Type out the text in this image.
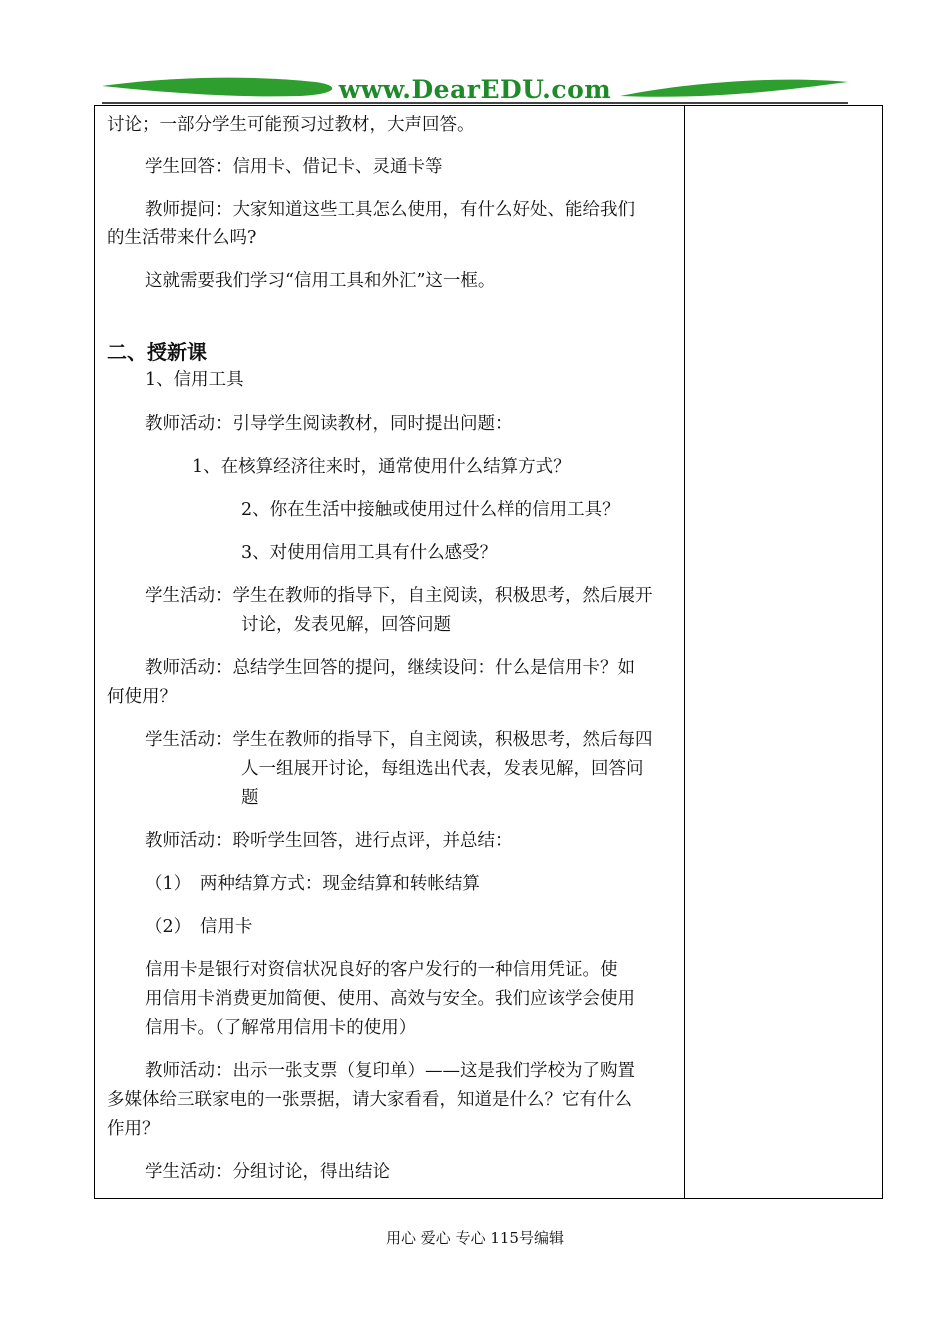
www.DearEDU.com
讨论；一部分学生可能预习过教材，大声回答。
学生回答：信用卡、借记卡、灵通卡等
教师提问：大家知道这些工具怎么使用，有什么好处、能给我们
的生活带来什么吗?
这就需要我们学习“信用工具和外汇”这一框。
二、授新课
1、信用工具
教师活动：引导学生阅读教材，同时提出问题：
1、在核算经济往来时，通常使用什么结算方式？
2、你在生活中接触或使用过什么样的信用工具？
3、对使用信用工具有什么感受？
学生活动：学生在教师的指导下，自主阅读，积极思考，然后展开
讨论，发表见解，回答问题
教师活动：总结学生回答的提问，继续设问：什么是信用卡？如
何使用？
学生活动：学生在教师的指导下，自主阅读，积极思考，然后每四
人一组展开讨论，每组选出代表，发表见解，回答问
题
教师活动：聆听学生回答，进行点评，并总结：
（1）　两种结算方式：现金结算和转帐结算
（2）　信用卡
信用卡是银行对资信状况良好的客户发行的一种信用凭证。使
用信用卡消费更加简便、使用、高效与安全。我们应该学会使用
信用卡。（了解常用信用卡的使用）
教师活动：出示一张支票（复印单）——这是我们学校为了购置
多媒体给三联家电的一张票据，请大家看看，知道是什么？它有什么
作用？
学生活动：分组讨论，得出结论
用心 爱心 专心 115号编辑
